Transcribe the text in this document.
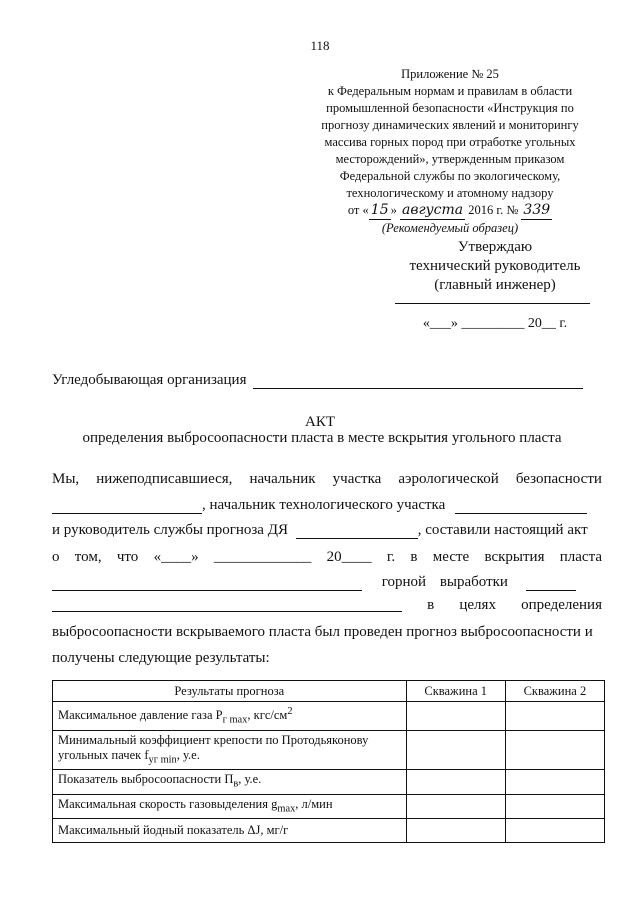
118
Приложение № 25
к Федеральным нормам и правилам в области
промышленной безопасности «Инструкция по
прогнозу динамических явлений и мониторингу
массива горных пород при отработке угольных
месторождений», утвержденным приказом
Федеральной службы по экологическому,
технологическому и атомному надзору
от « 15 » августа 2016 г. № 339
(Рекомендуемый образец)
Утверждаю
технический руководитель
(главный инженер)
«___» _________ 20__ г.
Угледобывающая организация
АКТ
определения выбросоопасности пласта в месте вскрытия угольного пласта
Мы, нижеподписавшиеся, начальник участка аэрологической безопасности
, начальник технологического участка
и руководитель службы прогноза ДЯ	, составили настоящий акт
о том, что «____» _____________ 20____ г. в месте вскрытия пласта
горной выработки
в целях определения
выбросоопасности вскрываемого пласта был проведен прогноз выбросоопасности и
получены следующие результаты:
Результаты прогноза	Скважина 1	Скважина 2
Максимальное давление газа $P_{г max}$, кгс/$см^2$		
Минимальный коэффициент крепости по Протодьяконову угольных пачек $f_{уг min}$, у.е.		
Показатель выбросоопасности $П_в$, у.е.		
Максимальная скорость газовыделения $g_{max}$, л/мин		
Максимальный йодный показатель ΔJ, мг/г		
